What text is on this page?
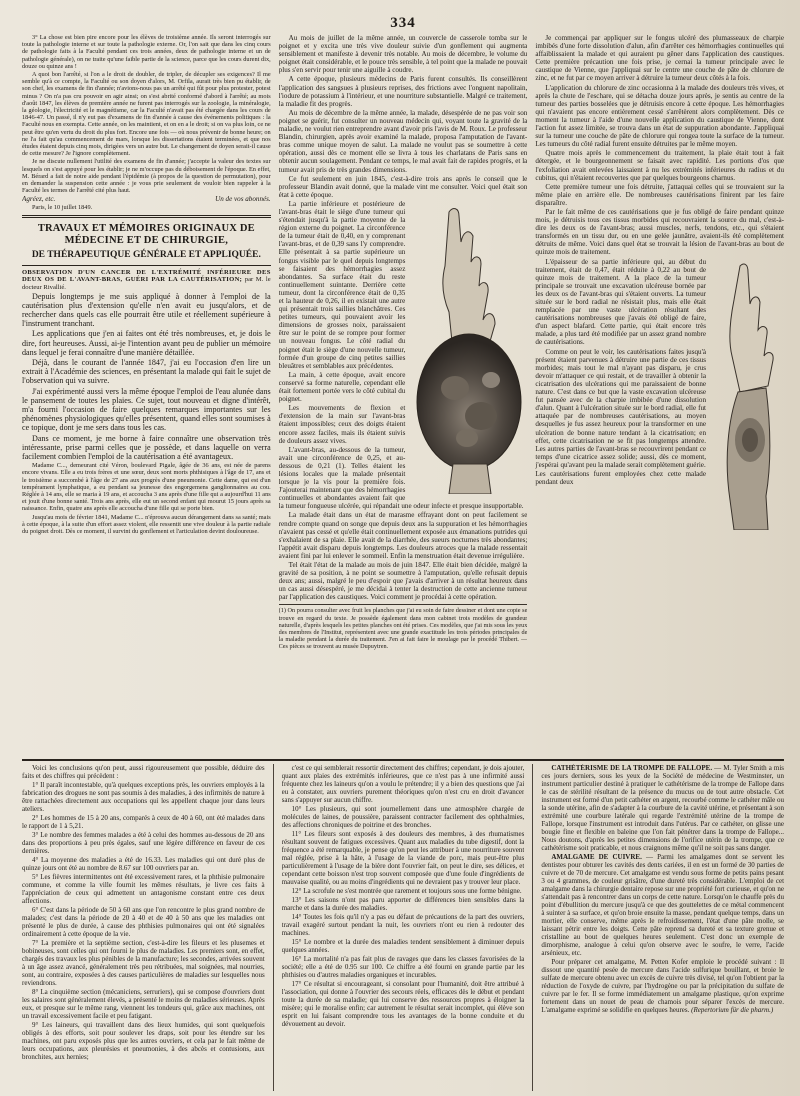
334

3° La chose est bien pire encore pour les élèves de troisième année. Ils seront interrogés sur toute la pathologie interne et sur toute la pathologie externe. Or, l'on sait que dans les cinq cours de pathologie faits à la Faculté pendant ces trois années, deux de pathologie interne et un de pathologie générale), on ne traite qu'une faible partie de la science, parce que les cours durent dix, douze ou quinze ans !

A quoi bon l'arrêté, si l'on a le droit de doubler, de tripler, de décupler ses exigences? Il me semble qu'à ce compte, la Faculté ou son doyen d'alors, M. Orfila, aurait très bien pu établir, de son chef, les examens de fin d'année; n'avions-nous pas un arrêté qui fût pour plus protester, potest minus ? On n'a pas cru pouvoir en agir ainsi; on s'est abrité conformé d'abord à l'arrêté; au mois d'août 1847, les élèves de première année ne furent pas interrogés sur la zoologie, la minéralogie, la géologie, l'électricité et le magnétisme, car la Faculté n'avait pas été chargée dans les cours de 1846-47. Un passé, il n'y eut pas d'examens de fin d'année à cause des événements politiques : la Faculté nous en exempta. Cette année, on les maintient, et on en a le droit; si on va plus loin, ce ne peut être qu'en vertu du droit du plus fort. Encore une fois — où nous prévenir de bonne heure; on ne l'a fait qu'au commencement de mars, lorsque les dissertations étaient terminées, et que nos études étaient depuis cinq mois, dirigées vers un autre but. Le changement de doyen serait-il cause de cette mesure? Je l'ignore complètement.

Je ne discute nullement l'utilité des examens de fin d'année; j'accepte la valeur des textes sur lesquels on s'est appuyé pour les établir; je ne m'occupe pas du déboisement de l'époque. En effet, M. Bérard a fait de notre aide pendant l'épidémie (à propos de la question de permutation), pour en demander la suspension cette année : je vous prie seulement de vouloir bien rappeler à la Faculté les termes de l'arrêté cité plus haut.

Agréez, etc.	Un de vos abonnés.

Paris, le 10 juillet 1849.

TRAVAUX ET MÉMOIRES ORIGINAUX DE MÉDECINE ET DE CHIRURGIE,
DE THÉRAPEUTIQUE GÉNÉRALE ET APPLIQUÉE.
OBSERVATION D'UN CANCER DE L'EXTRÉMITÉ INFÉRIEURE DES DEUX OS DE L'AVANT-BRAS, GUÉRI PAR LA CAUTÉRISATION; par M. le docteur Rivallié.

Depuis longtemps je me suis appliqué à donner à l'emploi de la cautérisation plus d'extension qu'elle n'en avait eu jusqu'alors, et de rechercher dans quels cas elle pourrait être utile et réellement supérieure à l'instrument tranchant.

Les applications que j'en ai faites ont été très nombreuses, et, je dois le dire, fort heureuses. Aussi, ai-je l'intention avant peu de publier un mémoire dans lequel je ferai connaître d'une manière détaillée.

Déjà, dans le courant de l'année 1847, j'ai eu l'occasion d'en lire un extrait à l'Académie des sciences, en présentant la malade qui fait le sujet de l'observation qui va suivre.

J'ai expérimenté aussi vers la même époque l'emploi de l'eau alunée dans le pansement de toutes les plaies. Ce sujet, tout nouveau et digne d'intérêt, m'a fourni l'occasion de faire quelques remarques importantes sur les phénomènes physiologiques qu'elles présentent, quand elles sont soumises à ce topique, dont je me sers dans tous les cas.

Dans ce moment, je me borne à faire connaître une observation très intéressante, prise parmi celles que je possède, et dans laquelle on verra facilement combien l'emploi de la cautérisation a été avantageux.

Madame C..., demeurant cité Véron, boulevard Pigale, âgée de 36 ans, est née de parens encore vivans. Elle a eu trois frères et une sœur, deux sont morts phthisiques à l'âge de 17, ans et le troisième a succombé à l'âge de 27 ans aux progrès d'une pneumonie. Cette dame, qui est d'un tempérament lymphatique, a eu pendant sa jeunesse des engorgemens ganglionnaires au cou. Réglée à 14 ans, elle se maria à 19 ans, et accoucha 3 ans après d'une fille qui a aujourd'hui 11 ans et jouit d'une bonne santé. Trois ans après, elle eut un second enfant qui mourut 15 jours après sa naissance. Enfin, quatre ans après elle accoucha d'une fille qui se porte bien.

Jusqu'au mois de février 1841, Madame C... n'éprouva aucun dérangement dans sa santé; mais à cette époque, à la suite d'un effort assez violent, elle ressentit une vive douleur à la partie radiale du poignet droit. Dès ce moment, il survint du gonflement et l'articulation devint douloureuse.

Au mois de juillet de la même année, un couvercle de casserole tomba sur le poignet et y excita une très vive douleur suivie d'un gonflement qui augmenta sensiblement et manifeste à devenir très notable. Au mois de décembre, le volume du poignet était considérable, et le pouce très sensible, à tel point que la malade ne pouvait plus s'en servir pour tenir une aiguille à coudre.

A cette époque, plusieurs médecins de Paris furent consultés. Ils conseillèrent l'application des sangsues à plusieurs reprises, des frictions avec l'onguent napolitain, l'iodure de potassium à l'intérieur, et une nourriture substantielle. Malgré ce traitement, la maladie fit des progrès.

Au mois de décembre de la même année, la malade, désespérée de ne pas voir son poignet se guérir, fut consulter un nouveau médecin qui, voyant toute la gravité de la maladie, ne voulut rien entreprendre avant d'avoir pris l'avis de M. Roux. Le professeur Blandin, chirurgien, après avoir examiné la malade, proposa l'amputation de l'avant-bras comme unique moyen de salut. La malade ne voulut pas se soumettre à cette opération, aussi dès ce moment elle se livra à tous les charlatans de Paris sans en obtenir aucun soulagement. Pendant ce temps, le mal avait fait de rapides progrès, et la tumeur avait pris de très grandes dimensions.

Ce fut seulement en juin 1845, c'est-à-dire trois ans après le conseil que le professeur Blandin avait donné, que la malade vint me consulter. Voici quel était son état à cette époque.

La partie inférieure et postérieure de l'avant-bras était le siège d'une tumeur qui s'étendait jusqu'à la partie moyenne de la région externe du poignet. La circonférence de la tumeur était de 0,40, en y comprenant l'avant-bras, et de 0,39 sans l'y comprendre. Elle présentait à sa partie supérieure un fongus visible par le quel depuis longtemps se faisaient des hémorrhagies assez abondantes. Sa surface était du reste continuellement suintante. Derrière cette tumeur, dont la circonférence était de 0,35 et la hauteur de 0,26, il en existait une autre qui présentait trois saillies blanchâtres. Ces petites tumeurs, qui pouvaient avoir les dimensions de grosses noix, paraissaient être sur le point de se rompre pour former un nouveau fongus. Le côté radial du poignet était le siège d'une nouvelle tumeur, formée d'un groupe de cinq petites saillies bleuâtres et semblables aux précédentes.

La main, à cette époque, avait encore conservé sa forme naturelle, cependant elle était fortement portée vers le côté cubital du poignet.

Les mouvements de flexion et d'extension de la main sur l'avant-bras étaient impossibles; ceux des doigts étaient encore assez faciles, mais ils étaient suivis de douleurs assez vives.

L'avant-bras, au-dessous de la tumeur, avait une circonférence de 0,25, et au-dessous de 0,21 (1). Telles étaient les lésions locales que la malade présentait lorsque je la vis pour la première fois. J'ajouterai maintenant que des hémorrhagies continuelles et abondantes avaient fait que la tumeur fongueuse ulcérée, qui répandait une odeur infecte et presque insupportable.

La malade était dans un état de marasme effrayant dont on peut facilement se rendre compte quand on songe que depuis deux ans la suppuration et les hémorrhagies n'avaient pas cessé et qu'elle était continuellement exposée aux émanations putrides qui s'exhalaient de sa plaie. Elle avait de la diarrhée, des sueurs nocturnes très abondantes; l'appétit avait disparu depuis longtemps. Les douleurs atroces que la malade ressentait avaient fini par lui enlever le sommeil. Enfin la menstruation était devenue irrégulière.

Tel était l'état de la malade au mois de juin 1847. Elle était bien décidée, malgré la gravité de sa position, à ne point se soumettre à l'amputation, qu'elle refusait depuis deux ans; aussi, malgré le peu d'espoir que j'avais d'arriver à un résultat heureux dans un cas aussi désespéré, je me décidai à tenter la destruction de cette ancienne tumeur par l'application des caustiques. Voici comment je procédai à cette opération.

(1) On pourra consulter avec fruit les planches que j'ai eu soin de faire dessiner et dont une copie se trouve en regard du texte. Je possède également dans mon cabinet trois modèles de grandeur naturelle, d'après lesquels les petites planches ont été prises. Ces modèles, que j'ai mis sous les yeux des membres de l'Institut, représentent avec une grande exactitude les trois périodes principales de la maladie pendant la durée du traitement. J'en ai fait faire le moulage par le procédé Thibert. — Ces pièces se trouvent au musée Dupuytren.

Je commençai par appliquer sur le fongus ulcéré des plumasseaux de charpie imbibés d'une forte dissolution d'alun, afin d'arrêter ces hémorrhagies continuelles qui affaiblissaient la malade et qui auraient pu gêner dans l'application des caustiques. Cette première précaution une fois prise, je cernai la tumeur principale avec le caustique de Vienne, que j'appliquai sur le centre une couche de pâte de chlorure de zinc, et ne fut par ce moyen arriver à détruire la tumeur deux côtés à la fois.

L'application du chlorure de zinc occasionna à la malade des douleurs très vives, et après la chute de l'eschare, qui se détacha douze jours après, je sentis au centre de la tumeur des parties bosselées que je détruisis encore à cette époque. Les hémorrhagies qui n'avaient pas encore entièrement cessé s'arrêtèrent alors complètement. Dès ce moment la tumeur à l'aide d'une nouvelle application du caustique de Vienne, dont l'action fut assez limitée, se trouva dans un état de suppuration abondante. J'appliquai sur la tumeur une couche de pâte de chlorure qui rongea toute la surface de la tumeur. Les tumeurs du côté radial furent ensuite détruites par le même moyen.

Quatre mois après le commencement du traitement, la plaie était tout à fait détergée, et le bourgeonnement se faisait avec rapidité. Les portions d'os que l'exfoliation avait enlevées laissaient à nu les extrémités inférieures du radius et du cubitus, qui n'étaient recouvertes que par quelques bourgeons charnus.

Cette première tumeur une fois détruite, j'attaquai celles qui se trouvaient sur la même plaie en arrière elle. De nombreuses cautérisations finirent par les faire disparaître.

Par le fait même de ces cautérisations que je fus obligé de faire pendant quinze mois, je détruisis tous ces tissus morbides qui recouvraient la source du mal, c'est-à-dire les deux os de l'avant-bras; aussi muscles, nerfs, tendons, etc., qui s'étaient transformés en un tissu dur, ou en une gelée jaunâtre, avaient-ils été complètement détruits de même. Voici dans quel état se trouvait la lésion de l'avant-bras au bout de quinze mois de traitement.

L'épaisseur de sa partie inférieure qui, au début du traitement, était de 0,47, était réduite à 0,22 au bout de quinze mois de traitement. A la place de la tumeur principale se trouvait une excavation ulcéreuse bornée par les deux os de l'avant-bras qui s'étaient ouverts. La tumeur située sur le bord radial ne résistait plus, mais elle était remplacée par une vaste ulcération résultant des cautérisations nombreuses que j'avais été obligé de faire, d'un aspect blafard. Cette partie, qui était encore très malade, a plus tard été modifiée par un assez grand nombre de cautérisations.

Comme on peut le voir, les cautérisations faites jusqu'à présent étaient parvenues à détruire une partie de ces tissus morbides; mais tout le mal n'ayant pas disparu, je crus devoir m'attaquer ce qui restait, et de travailler à obtenir la cicatrisation des ulcérations qui me paraissaient de bonne nature. C'est dans ce but que la vaste excavation ulcéreuse fut pansée avec de la charpie imbibée d'une dissolution d'alun. Quant à l'ulcération située sur le bord radial, elle fut attaquée par de nombreuses cautérisations, au moyen desquelles je fus assez heureux pour la transformer en une ulcération de bonne nature tendant à la cicatrisation; en effet, cette cicatrisation ne se fit pas longtemps attendre. Les autres parties de l'avant-bras se recouvrirent pendant ce temps d'une cicatrice assez solide; aussi, dès ce moment, j'espérai qu'avant peu la malade serait complètement guérie.

Les cautérisations furent employées chez cette malade pendant deux

Voici les conclusions qu'on peut, aussi rigoureusement que possible, déduire des faits et des chiffres qui précèdent :

1° Il paraît incontestable, qu'à quelques exceptions près, les ouvriers employés à la fabrication des drogues ne sont pas soumis à des maladies, à des infirmités de nature à être rattachées directement aux occupations qui les appellent chaque jour dans leurs ateliers.

2° Les hommes de 15 à 20 ans, comparés à ceux de 40 à 60, ont été malades dans le rapport de 1 à 5,21.

3° Le nombre des femmes malades a été à celui des hommes au-dessous de 20 ans dans des proportions à peu près égales, sauf une légère différence en faveur de ces dernières.

4° La moyenne des maladies a été de 16.33. Les maladies qui ont duré plus de quinze jours ont été au nombre de 8.67 sur 100 ouvriers par an.

5° Les fièvres intermittentes ont été excessivement rares, et la phthisie pulmonaire commune, et comme la ville fournit les mêmes résultats, je livre ces faits à l'appréciation de ceux qui admettent un antagonisme constant entre ces deux affections.

6° C'est dans la période de 50 à 60 ans que l'on rencontre le plus grand nombre de malades; c'est dans la période de 20 à 40 et de 40 à 50 ans que les maladies ont présenté le plus de durée, à cause des phthisies pulmonaires qui ont été signalées ordinairement à cette époque de la vie.

7° La première et la septième section, c'est-à-dire les fileurs et les plusemes et bobineuses, sont celles qui ont fourni le plus de maladies. Les premiers sont, en effet, chargés des travaux les plus pénibles de la manufacture; les secondes, arrivées souvent à un âge assez avancé, généralement très peu rétribuées, mal soignées, mal nourries, sont, au contraire, exposées à des causes particulières de maladies sur lesquelles nous reviendrons.

8° La cinquième section (mécaniciens, serruriers), qui se compose d'ouvriers dont les salaires sont généralement élevés, a présenté le moins de maladies sérieuses. Après eux, et presque sur le même rang, viennent les tondeurs qui, grâce aux machines, ont un travail excessivement facile et peu fatigant.

9° Les laineurs, qui travaillent dans des lieux humides, qui sont quelquefois obligés à des efforts, soit pour soulever les draps, soit pour les étendre sur les machines, ont paru exposés plus que les autres ouvriers, et cela par le fait même de leurs occupations, aux pleurésies et pneumonies, à des abcès et contusions, aux bronchites, aux hernies;

c'est ce qui semblerait ressortir directement des chiffres; cependant, je dois ajouter, quant aux plaies des extrémités inférieures, que ce n'est pas à une infirmité aussi fréquente chez les laineurs qu'on a voulu le prétendre; il y a bien des questions que j'ai eu à constater, aux ouvriers purement théoriques qu'on n'est cru en droit d'avancer sans s'appuyer sur aucun chiffre.

10° Les plusieurs, qui sont journellement dans une atmosphère chargée de molécules de laines, de poussière, paraissent contracter facilement des ophthalmies, des affections chroniques de poitrine et des bronches.

11° Les fileurs sont exposés à des douleurs des membres, à des rhumatismes résultant souvent de fatigues excessives. Quant aux maladies du tube digestif, dont la fréquence a été remarquable, je pense qu'on peut les attribuer à une nourriture souvent mal réglée, prise à la hâte, à l'usage de la viande de porc, mais peut-être plus particulièrement à l'usage de la bière dont l'ouvrier fait, on peut le dire, ses délices, et cependant cette boisson n'est trop souvent composée que d'une foule d'ingrédients de mauvaise qualité, ou au moins d'ingrédients qui ne devraient pas y trouver leur place.

12° La scrofule ne s'est montrée que rarement et toujours sous une forme bénigne.

13° Les saisons n'ont pas paru apporter de différences bien sensibles dans la marche et dans la durée des maladies.

14° Toutes les fois qu'il n'y a pas eu défaut de précautions de la part des ouvriers, travail exagéré surtout pendant la nuit, les ouvriers n'ont eu rien à redouter des machines.

15° Le nombre et la durée des maladies tendent sensiblement à diminuer depuis quelques années.

16° La mortalité n'a pas fait plus de ravages que dans les classes favorisées de la société; elle a été de 0.95 sur 100. Ce chiffre a été fourni en grande partie par les phthisies ou d'autres maladies organiques et incurables.

17° Ce résultat si encourageant, si consolant pour l'humanité, doit être attribué à l'association, qui donne à l'ouvrier des secours réels, efficaces dès le début et pendant toute la durée de sa maladie; qui lui conserve des ressources propres à éloigner la misère; qui le moralise enfin; car autrement le résultat serait incomplet, qui élève son esprit en lui faisant comprendre tous les avantages de la bonne conduite et du dévouement au devoir.

CATHÉTÉRISME DE LA TROMPE DE FALLOPE. — M. Tyler Smith a mis ces jours derniers, sous les yeux de la Société de médecine de Westminster, un instrument particulier destiné à pratiquer le cathétérisme de la trompe de Fallope dans le cas de stérilité résultant de la présence du mucus ou de tout autre obstacle. Cet instrument est formé d'un petit cathéter en argent, recourbé comme le cathéter mâle ou la sonde utérine, afin de s'adapter à la courbure de la cavité utérine, et présentant à son extrémité une courbure latérale qui regarde l'extrémité utérine de la trompe de Fallope, lorsque l'instrument est introduit dans l'utérus. Par ce cathéter, on glisse une bougie fine et flexible en baleine que l'on fait pénétrer dans la trompe de Fallope... Nous doutons, d'après les petites dimensions de l'orifice utérin de la trompe, que ce cathétérisme soit praticable, et nous craignons même qu'il ne soit pas sans danger.

AMALGAME DE CUIVRE. — Parmi les amalgames dont se servent les dentistes pour obturer les cavités des dents cariées, il en est un formé de 30 parties de cuivre et de 70 de mercure. Cet amalgame est vendu sous forme de petits pains pesant 3 ou 4 grammes, de couleur grisâtre, d'une dureté très considérable. L'emploi de cet amalgame dans la chirurgie dentaire repose sur une propriété fort curieuse, et qu'on ne s'attendait pas à rencontrer dans un corps de cette nature. Lorsqu'on le chauffe près du point d'ébullition du mercure jusqu'à ce que des gouttelettes de ce métal commencent à suinter à sa surface, et qu'on broie ensuite la masse, pendant quelque temps, dans un mortier, elle conserve, même après le refroidissement, l'état d'une pâte molle, se laissant pétrir entre les doigts. Cette pâte reprend sa dureté et sa texture grenue et cristalline au bout de quelques heures seulement. C'est donc un exemple de dimorphisme, analogue à celui qu'on observe avec le soufre, le verre, l'acide arsénieux, etc.

Pour préparer cet amalgame, M. Petten Kofer emploie le procédé suivant : Il dissout une quantité pesée de mercure dans l'acide sulfurique bouillant, et broie le sulfate de mercure obtenu avec un excès de cuivre très divisé, tel qu'on l'obtient par la réduction de l'oxyde de cuivre, par l'hydrogène ou par la précipitation du sulfate de cuivre par le fer. Il se forme immédiatement un amalgame plastique, qu'on exprime fortement dans un nouet de peau de chamois pour séparer l'excès de mercure. L'amalgame exprimé se solidifie en quelques heures. (Repertorium für die pharm.)
